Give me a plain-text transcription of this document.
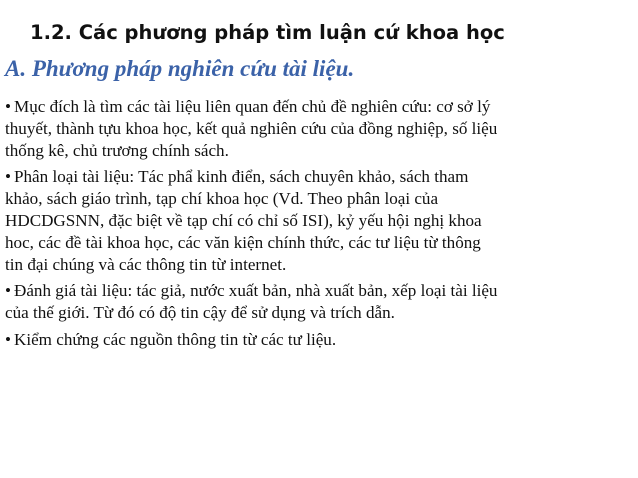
1.2. Các phương pháp tìm luận cứ khoa học
A. Phương pháp nghiên cứu tài liệu.
• Mục đích là tìm các tài liệu liên quan đến chủ đề nghiên cứu: cơ sở lý
thuyết, thành tựu khoa học, kết quả nghiên cứu của đồng nghiệp, số liệu
thống kê, chủ trương chính sách.
• Phân loại tài liệu: Tác phẩ kinh điển, sách chuyên khảo, sách tham
khảo, sách giáo trình, tạp chí khoa học (Vd. Theo phân loại của
HDCDGSNN, đặc biệt về tạp chí có chỉ số ISI), kỷ yếu hội nghị khoa
hoc, các đề tài khoa học, các văn kiện chính thức, các tư liệu từ thông
tin đại chúng và các thông tin từ internet.
• Đánh giá tài liệu: tác giả, nước xuất bản, nhà xuất bản, xếp loại tài liệu
của thế giới. Từ đó có độ tin cậy để sử dụng và trích dẫn.
• Kiểm chứng các nguồn thông tin từ các tư liệu.
